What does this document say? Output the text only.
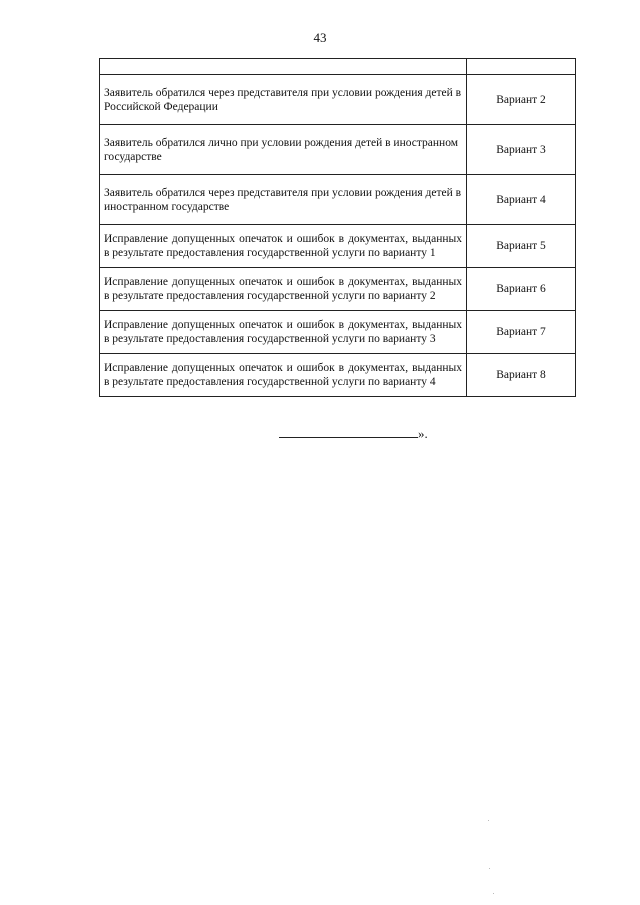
43

Заявитель обратился через представителя при условии рождения детей в Российской Федерации	Вариант 2
Заявитель обратился лично при условии рождения детей в иностранном государстве	Вариант 3
Заявитель обратился через представителя при условии рождения детей в иностранном государстве	Вариант 4
Исправление допущенных опечаток и ошибок в документах, выданных в результате предоставления государственной услуги по варианту 1	Вариант 5
Исправление допущенных опечаток и ошибок в документах, выданных в результате предоставления государственной услуги по варианту 2	Вариант 6
Исправление допущенных опечаток и ошибок в документах, выданных в результате предоставления государственной услуги по варианту 3	Вариант 7
Исправление допущенных опечаток и ошибок в документах, выданных в результате предоставления государственной услуги по варианту 4	Вариант 8
».
